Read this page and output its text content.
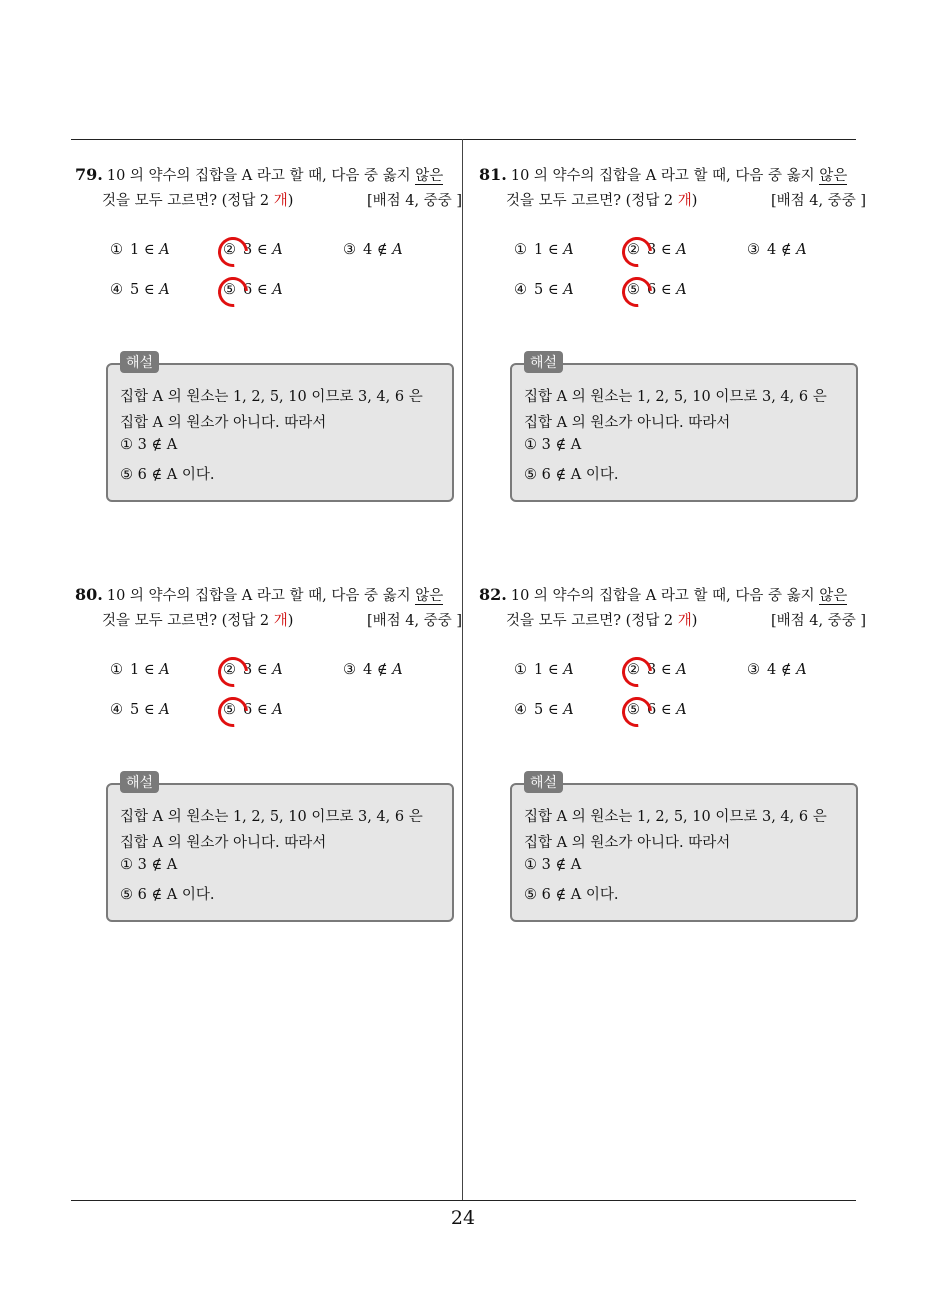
24
79. 10 의 약수의 집합을 A 라고 할 때, 다음 중 옳지 않은
것을 모두 고르면? (정답 2 개)	[배점 4, 중중 ]
① 1 ∈ A	② 3 ∈ A	③ 4 ∉ A
④ 5 ∈ A	⑤ 6 ∈ A
해설
집합 A 의 원소는 1, 2, 5, 10 이므로 3, 4, 6 은
집합 A 의 원소가 아니다. 따라서
① 3 ∉ A
⑤ 6 ∉ A 이다.
81. 10 의 약수의 집합을 A 라고 할 때, 다음 중 옳지 않은
것을 모두 고르면? (정답 2 개)	[배점 4, 중중 ]
① 1 ∈ A	② 3 ∈ A	③ 4 ∉ A
④ 5 ∈ A	⑤ 6 ∈ A
해설
집합 A 의 원소는 1, 2, 5, 10 이므로 3, 4, 6 은
집합 A 의 원소가 아니다. 따라서
① 3 ∉ A
⑤ 6 ∉ A 이다.
80. 10 의 약수의 집합을 A 라고 할 때, 다음 중 옳지 않은
것을 모두 고르면? (정답 2 개)	[배점 4, 중중 ]
① 1 ∈ A	② 3 ∈ A	③ 4 ∉ A
④ 5 ∈ A	⑤ 6 ∈ A
해설
집합 A 의 원소는 1, 2, 5, 10 이므로 3, 4, 6 은
집합 A 의 원소가 아니다. 따라서
① 3 ∉ A
⑤ 6 ∉ A 이다.
82. 10 의 약수의 집합을 A 라고 할 때, 다음 중 옳지 않은
것을 모두 고르면? (정답 2 개)	[배점 4, 중중 ]
① 1 ∈ A	② 3 ∈ A	③ 4 ∉ A
④ 5 ∈ A	⑤ 6 ∈ A
해설
집합 A 의 원소는 1, 2, 5, 10 이므로 3, 4, 6 은
집합 A 의 원소가 아니다. 따라서
① 3 ∉ A
⑤ 6 ∉ A 이다.
